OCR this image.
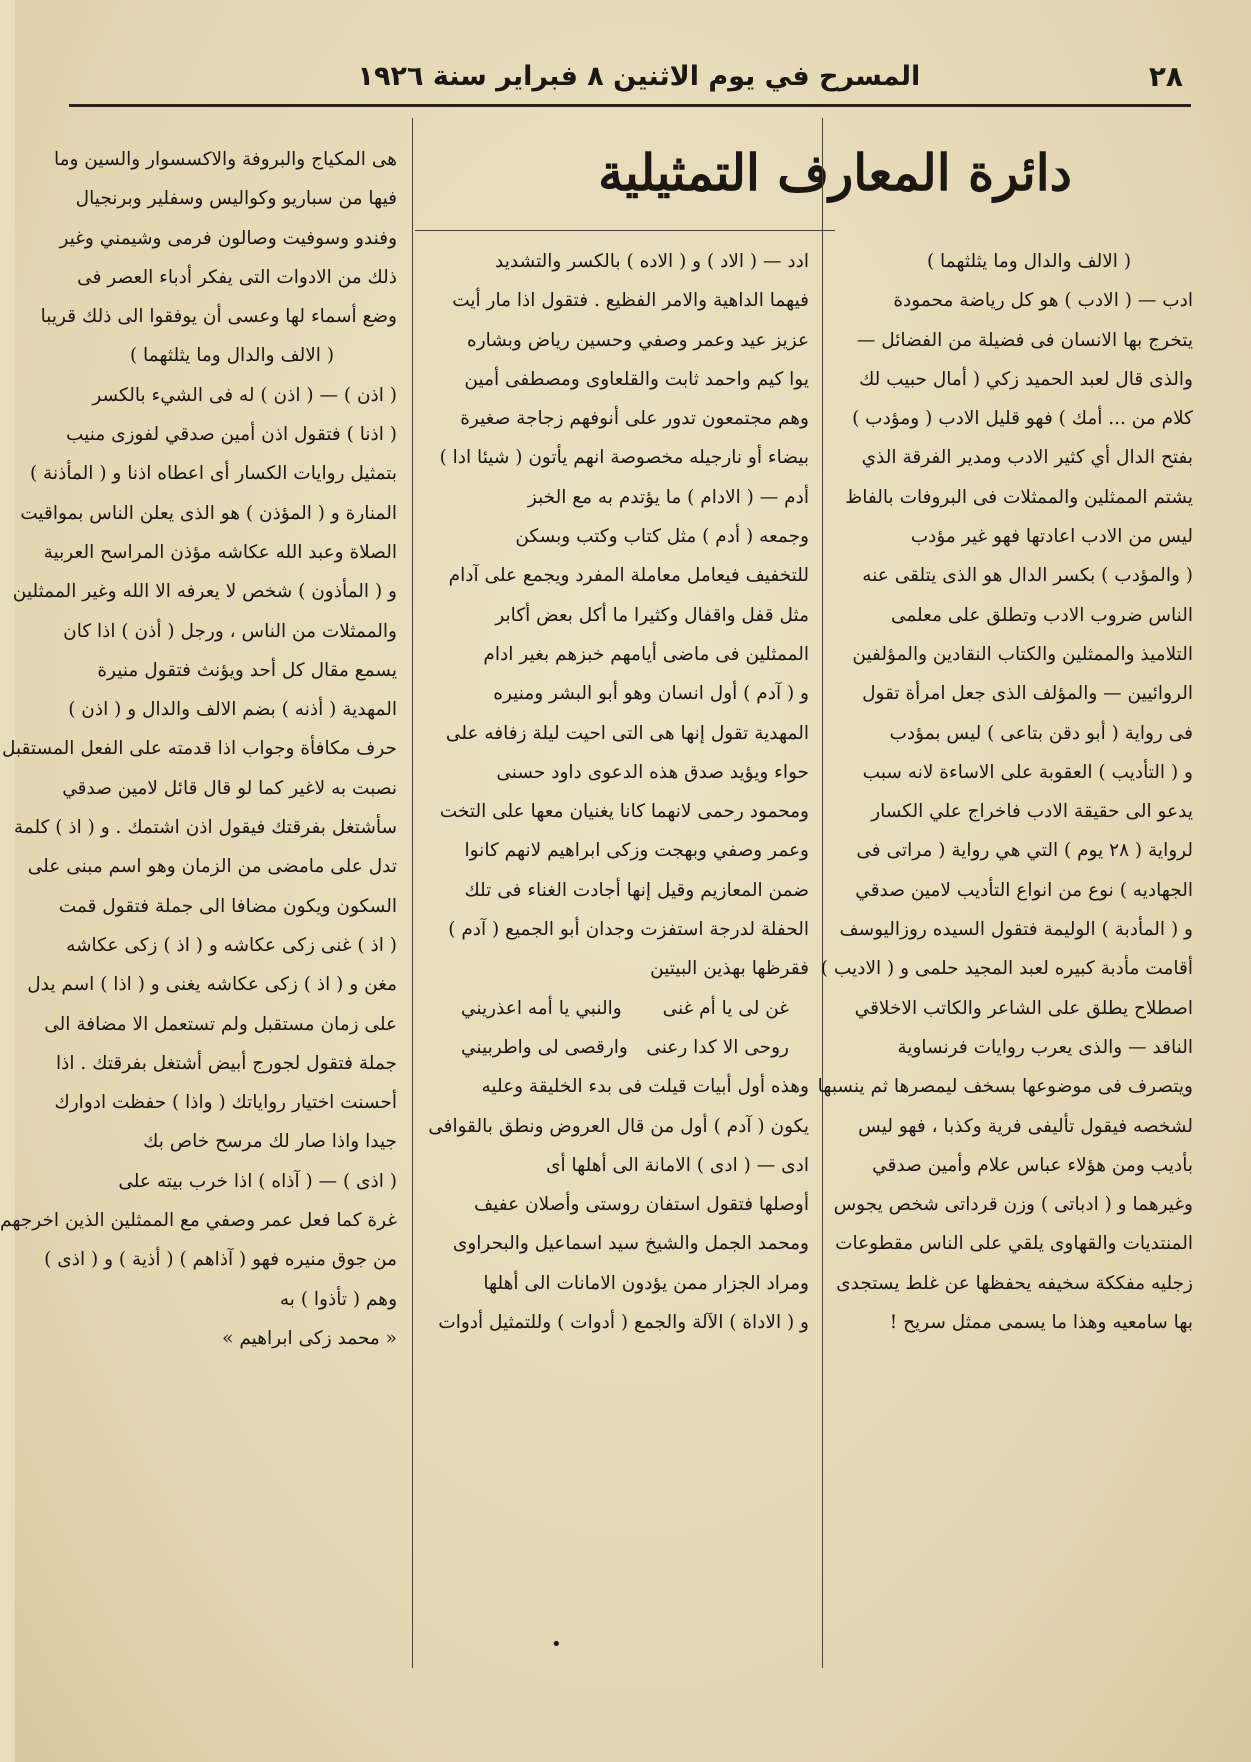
٢٨
المسرح في يوم الاثنين ٨ فبراير سنة ١٩٢٦
دائرة المعارف التمثيلية
( الالف والدال وما يثلثهما )
ادب — ( الادب ) هو كل رياضة محمودة
يتخرج بها الانسان فى فضيلة من الفضائل —
والذى قال لعبد الحميد زكي ( أمال حبيب لك
كلام من ... أمك ) فهو قليل الادب ( ومؤدب )
بفتح الدال أي كثير الادب ومدير الفرقة الذي
يشتم الممثلين والممثلات فى البروفات بالفاظ
ليس من الادب اعادتها فهو غير مؤدب
( والمؤدب ) بكسر الدال هو الذى يتلقى عنه
الناس ضروب الادب وتطلق على معلمى
التلاميذ والممثلين والكتاب النقادين والمؤلفين
الروائيين — والمؤلف الذى جعل امرأة تقول
فى رواية ( أبو دقن بتاعى ) ليس بمؤدب
و ( التأديب ) العقوبة على الاساءة لانه سبب
يدعو الى حقيقة الادب فاخراج علي الكسار
لرواية ( ٢٨ يوم ) التي هي رواية ( مراتى فى
الجهاديه ) نوع من انواع التأديب لامين صدقي
و ( المأدبة ) الوليمة فتقول السيده روزاليوسف
أقامت مأدبة كبيره لعبد المجيد حلمى و ( الاديب )
اصطلاح يطلق على الشاعر والكاتب الاخلاقي
الناقد — والذى يعرب روايات فرنساوية
ويتصرف فى موضوعها بسخف ليمصرها ثم ينسبها
لشخصه فيقول تأليفى فرية وكذبا ، فهو ليس
بأديب ومن هؤلاء عباس علام وأمين صدقي
وغيرهما و ( ادباتى ) وزن قرداتى شخص يجوس
المنتديات والقهاوى يلقي على الناس مقطوعات
زجليه مفككة سخيفه يحفظها عن غلط يستجدى
بها سامعيه وهذا ما يسمى ممثل سريح !
ادد — ( الاد ) و ( الاده ) بالكسر والتشديد
فيهما الداهية والامر الفظيع . فتقول اذا مار أيت
عزيز عيد وعمر وصفي وحسين رياض وبشاره
يوا كيم واحمد ثابت والقلعاوى ومصطفى أمين
وهم مجتمعون تدور على أنوفهم زجاجة صغيرة
بيضاء أو نارجيله مخصوصة انهم يأتون ( شيئا ادا )
أدم — ( الادام ) ما يؤتدم به مع الخبز
وجمعه ( أدم ) مثل كتاب وكتب وبسكن
للتخفيف فيعامل معاملة المفرد ويجمع على آدام
مثل قفل واقفال وكثيرا ما أكل بعض أكابر
الممثلين فى ماضى أيامهم خبزهم بغير ادام
و ( آدم ) أول انسان وهو أبو البشر ومنيره
المهدية تقول إنها هى التى احيت ليلة زفافه على
حواء ويؤيد صدق هذه الدعوى داود حسنى
ومحمود رحمى لانهما كانا يغنيان معها على التخت
وعمر وصفي وبهجت وزكى ابراهيم لانهم كانوا
ضمن المعازيم وقيل إنها أجادت الغناء فى تلك
الحفلة لدرجة استفزت وجدان أبو الجميع ( آدم )
فقرظها بهذين البيتين
غن لى يا أم غنى
والنبي يا أمه اعذريني
روحى الا كدا رعنى
وارقصى لى واطربيني
وهذه أول أبيات قيلت فى بدء الخليقة وعليه
يكون ( آدم ) أول من قال العروض ونطق بالقوافى
ادى — ( ادى ) الامانة الى أهلها أى
أوصلها فتقول استفان روستى وأصلان عفيف
ومحمد الجمل والشيخ سيد اسماعيل والبحراوى
ومراد الجزار ممن يؤدون الامانات الى أهلها
و ( الاداة ) الآلة والجمع ( أدوات ) وللتمثيل أدوات
هى المكياج والبروفة والاكسسوار والسين وما
فيها من سباريو وكواليس وسفلير وبرنجيال
وفندو وسوفيت وصالون فرمى وشيمني وغير
ذلك من الادوات التى يفكر أدباء العصر فى
وضع أسماء لها وعسى أن يوفقوا الى ذلك قريبا
( الالف والدال وما يثلثهما )
( اذن ) — ( اذن ) له فى الشيء بالكسر
( اذنا ) فتقول اذن أمين صدقي لفوزى منيب
بتمثيل روايات الكسار أى اعطاه اذنا و ( المأذنة )
المنارة و ( المؤذن ) هو الذى يعلن الناس بمواقيت
الصلاة وعبد الله عكاشه مؤذن المراسح العربية
و ( المأذون ) شخص لا يعرفه الا الله وغير الممثلين
والممثلات من الناس ، ورجل ( أذن ) اذا كان
يسمع مقال كل أحد ويؤنث فتقول منيرة
المهدية ( أذنه ) بضم الالف والدال و ( اذن )
حرف مكافأة وجواب اذا قدمته على الفعل المستقبل
نصبت به لاغير كما لو قال قائل لامين صدقي
سأشتغل بفرقتك فيقول اذن اشتمك . و ( اذ ) كلمة
تدل على مامضى من الزمان وهو اسم مبنى على
السكون ويكون مضافا الى جملة فتقول قمت
( اذ ) غنى زكى عكاشه و ( اذ ) زكى عكاشه
مغن و ( اذ ) زكى عكاشه يغنى و ( اذا ) اسم يدل
على زمان مستقبل ولم تستعمل الا مضافة الى
جملة فتقول لجورج أبيض أشتغل بفرقتك . اذا
أحسنت اختيار رواياتك ( واذا ) حفظت ادوارك
جيدا واذا صار لك مرسح خاص بك
( اذى ) — ( آذاه ) اذا خرب بيته على
غرة كما فعل عمر وصفي مع الممثلين الذين اخرجهم
من جوق منيره فهو ( آذاهم ) ( أذية ) و ( اذى )
وهم ( تأذوا ) به
« محمد زكى ابراهيم »
•
